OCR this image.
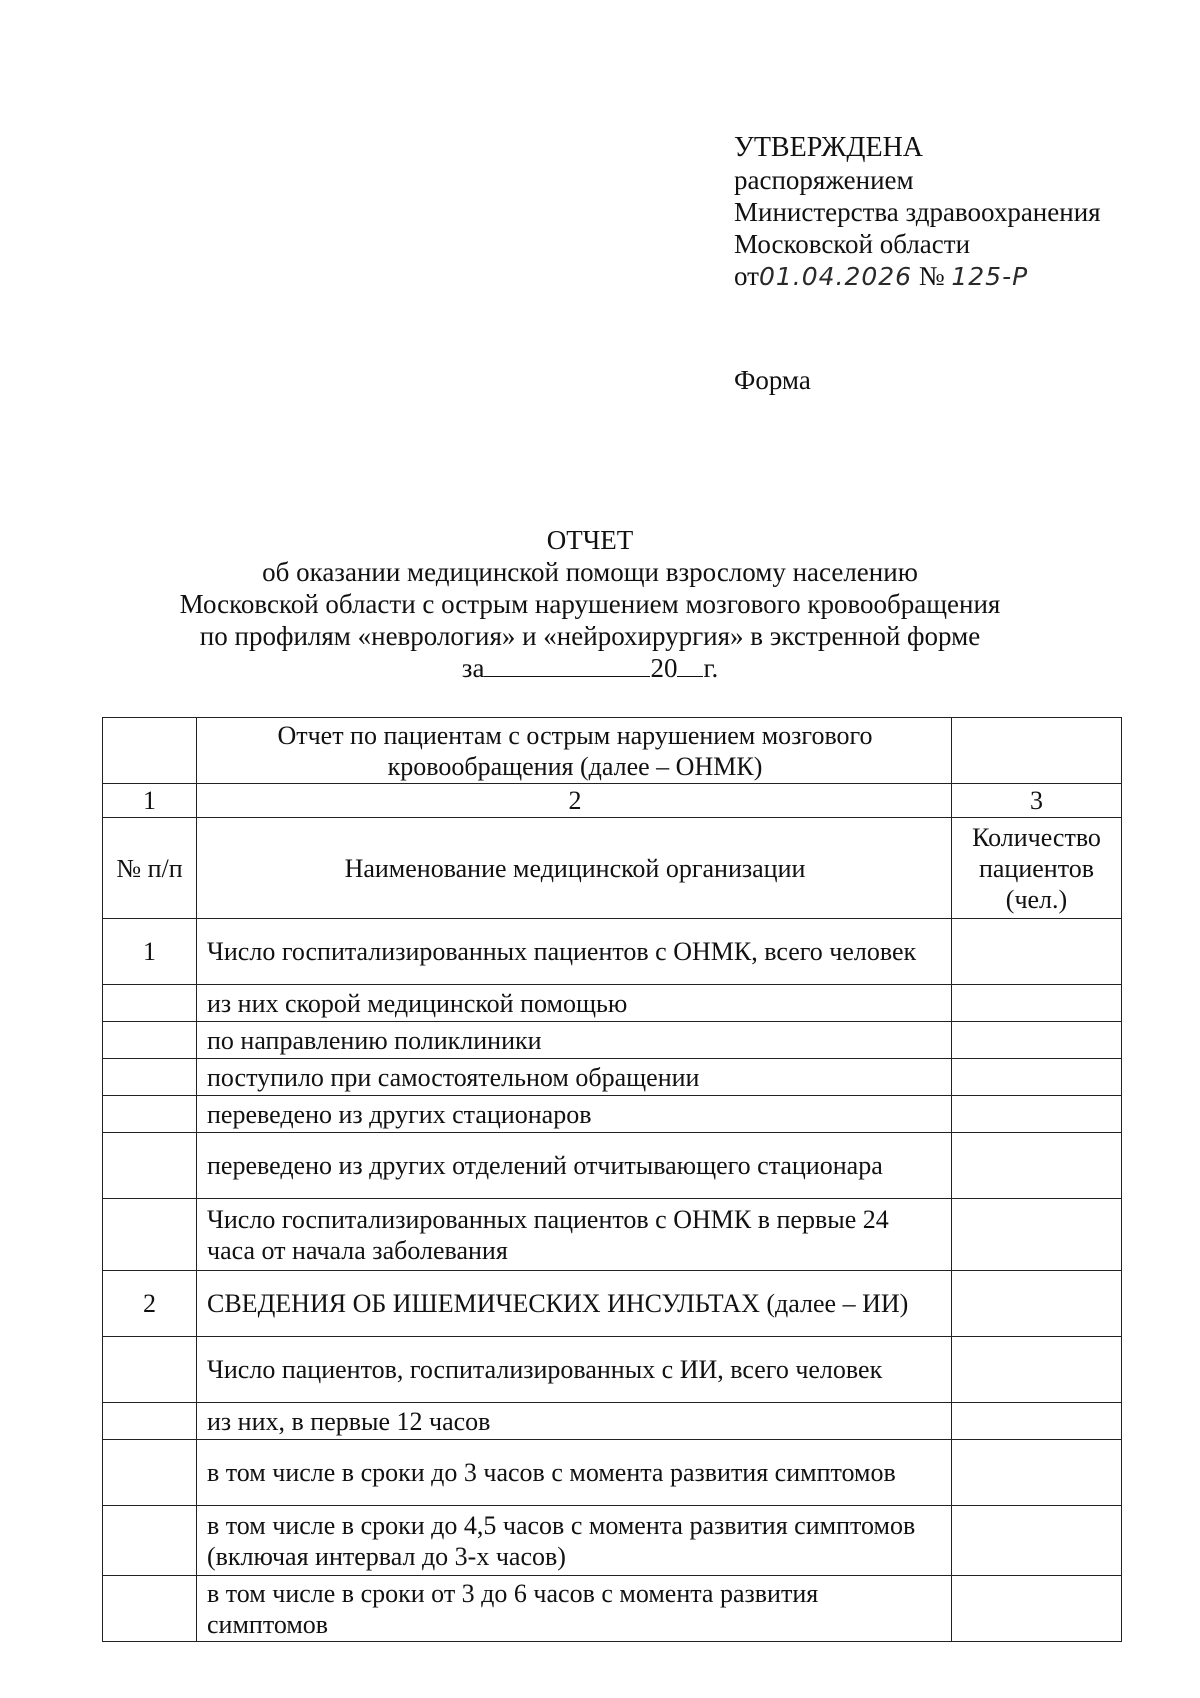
УТВЕРЖДЕНА
распоряжением
Министерства здравоохранения
Московской области
от01.04.2026 № 125-Р
Форма
ОТЧЕТ
об оказании медицинской помощи взрослому населению
Московской области с острым нарушением мозгового кровообращения
по профилям «неврология» и «нейрохирургия» в экстренной форме
за	20 г.
	Отчет по пациентам с острым нарушением мозгового кровообращения (далее – ОНМК)	
1	2	3
№ п/п	Наименование медицинской организации	Количество пациентов (чел.)
1	Число госпитализированных пациентов с ОНМК, всего человек	
	из них скорой медицинской помощью	
	по направлению поликлиники	
	поступило при самостоятельном обращении	
	переведено из других стационаров	
	переведено из других отделений отчитывающего стационара	
	Число госпитализированных пациентов с ОНМК в первые 24 часа от начала заболевания	
2	СВЕДЕНИЯ ОБ ИШЕМИЧЕСКИХ ИНСУЛЬТАХ (далее – ИИ)	
	Число пациентов, госпитализированных с ИИ, всего человек	
	из них, в первые 12 часов	
	в том числе в сроки до 3 часов с момента развития симптомов	
	в том числе в сроки до 4,5 часов с момента развития симптомов (включая интервал до 3-х часов)	
	в том числе в сроки от 3 до 6 часов с момента развития симптомов	
